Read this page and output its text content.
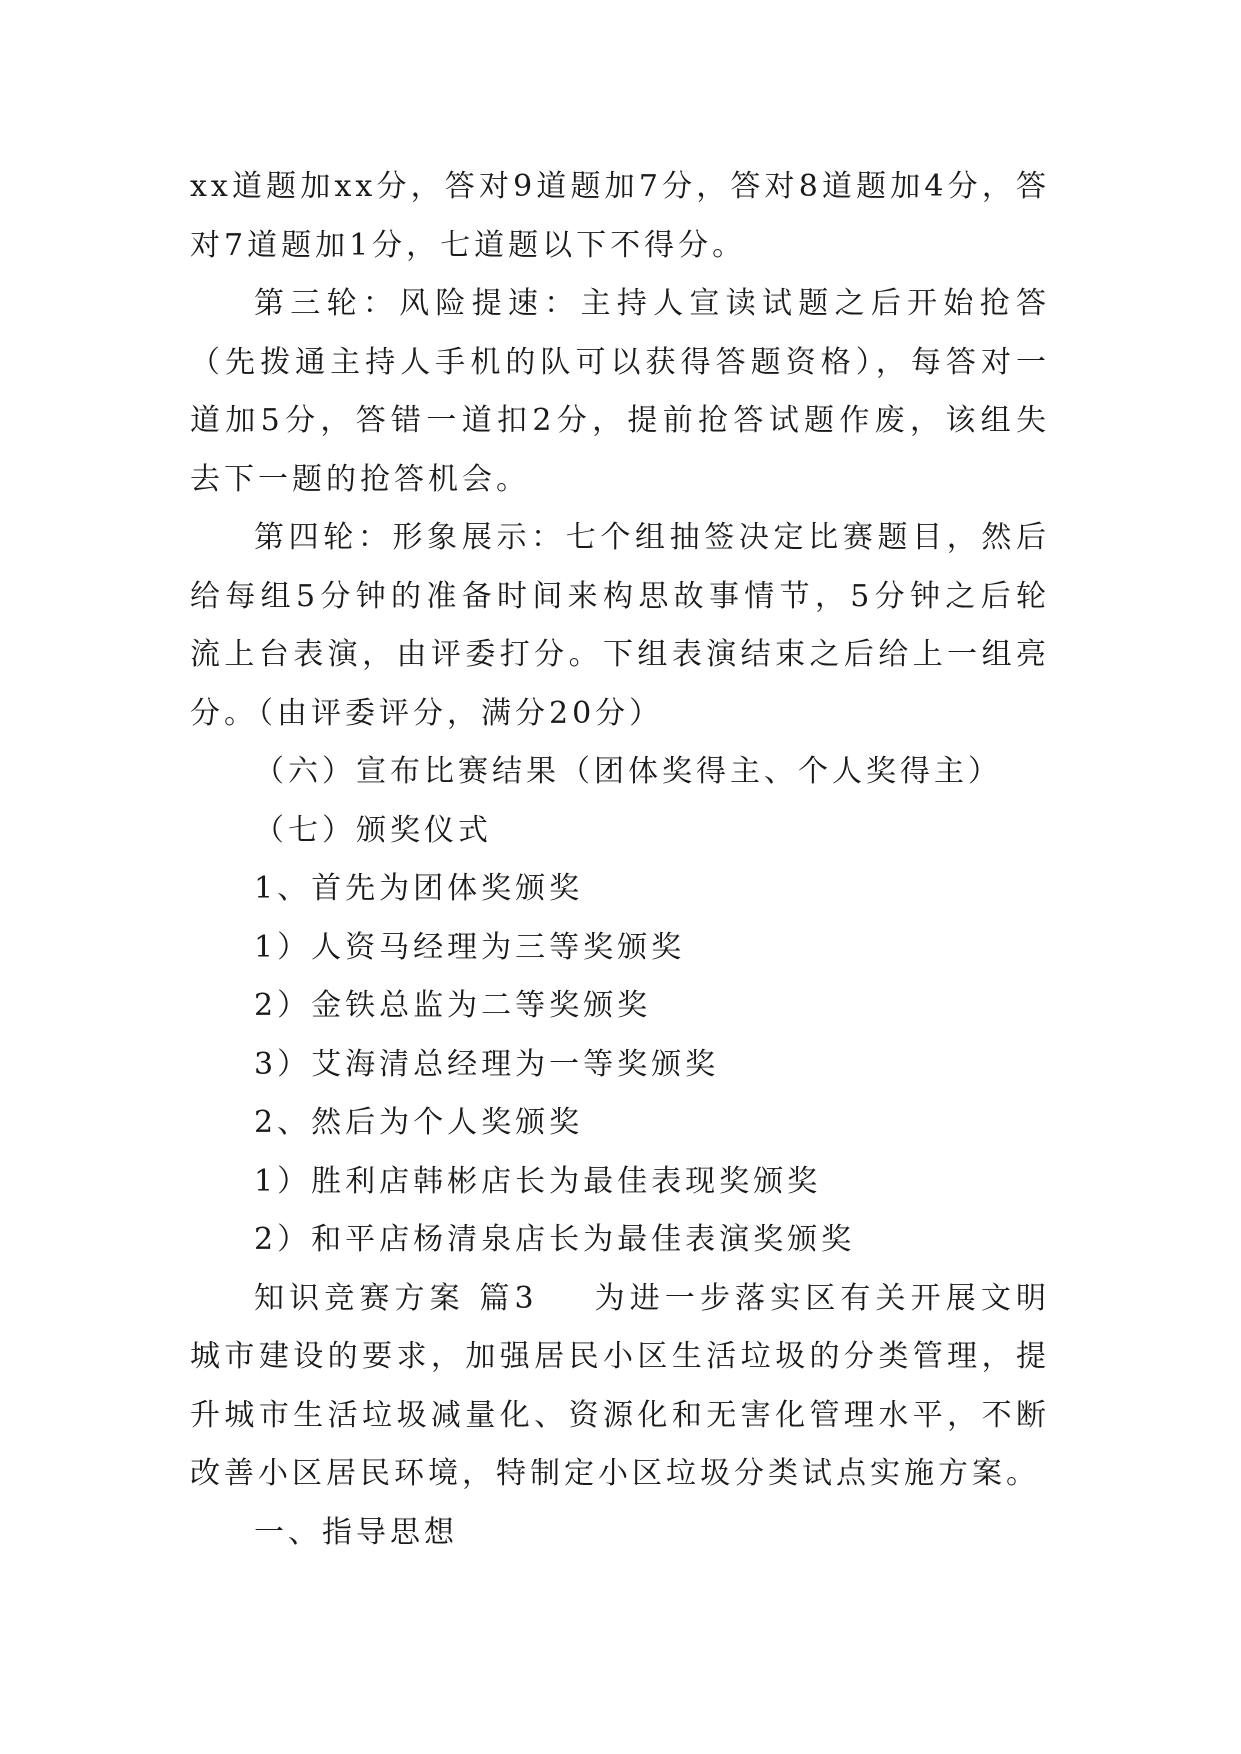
xx道题加xx分，答对9道题加7分，答对8道题加4分，答对7道题加1分，七道题以下不得分。

第三轮：风险提速：主持人宣读试题之后开始抢答（先拨通主持人手机的队可以获得答题资格），每答对一道加5分，答错一道扣2分，提前抢答试题作废，该组失去下一题的抢答机会。

第四轮：形象展示：七个组抽签决定比赛题目，然后给每组5分钟的准备时间来构思故事情节，5分钟之后轮流上台表演，由评委打分。下组表演结束之后给上一组亮分。（由评委评分，满分20分）

（六）宣布比赛结果（团体奖得主、个人奖得主）

（七）颁奖仪式

1、首先为团体奖颁奖

1）人资马经理为三等奖颁奖

2）金铁总监为二等奖颁奖

3）艾海清总经理为一等奖颁奖

2、然后为个人奖颁奖

1）胜利店韩彬店长为最佳表现奖颁奖

2）和平店杨清泉店长为最佳表演奖颁奖

知识竞赛方案 篇3 为进一步落实区有关开展文明城市建设的要求，加强居民小区生活垃圾的分类管理，提升城市生活垃圾减量化、资源化和无害化管理水平，不断改善小区居民环境，特制定小区垃圾分类试点实施方案。

一、指导思想
